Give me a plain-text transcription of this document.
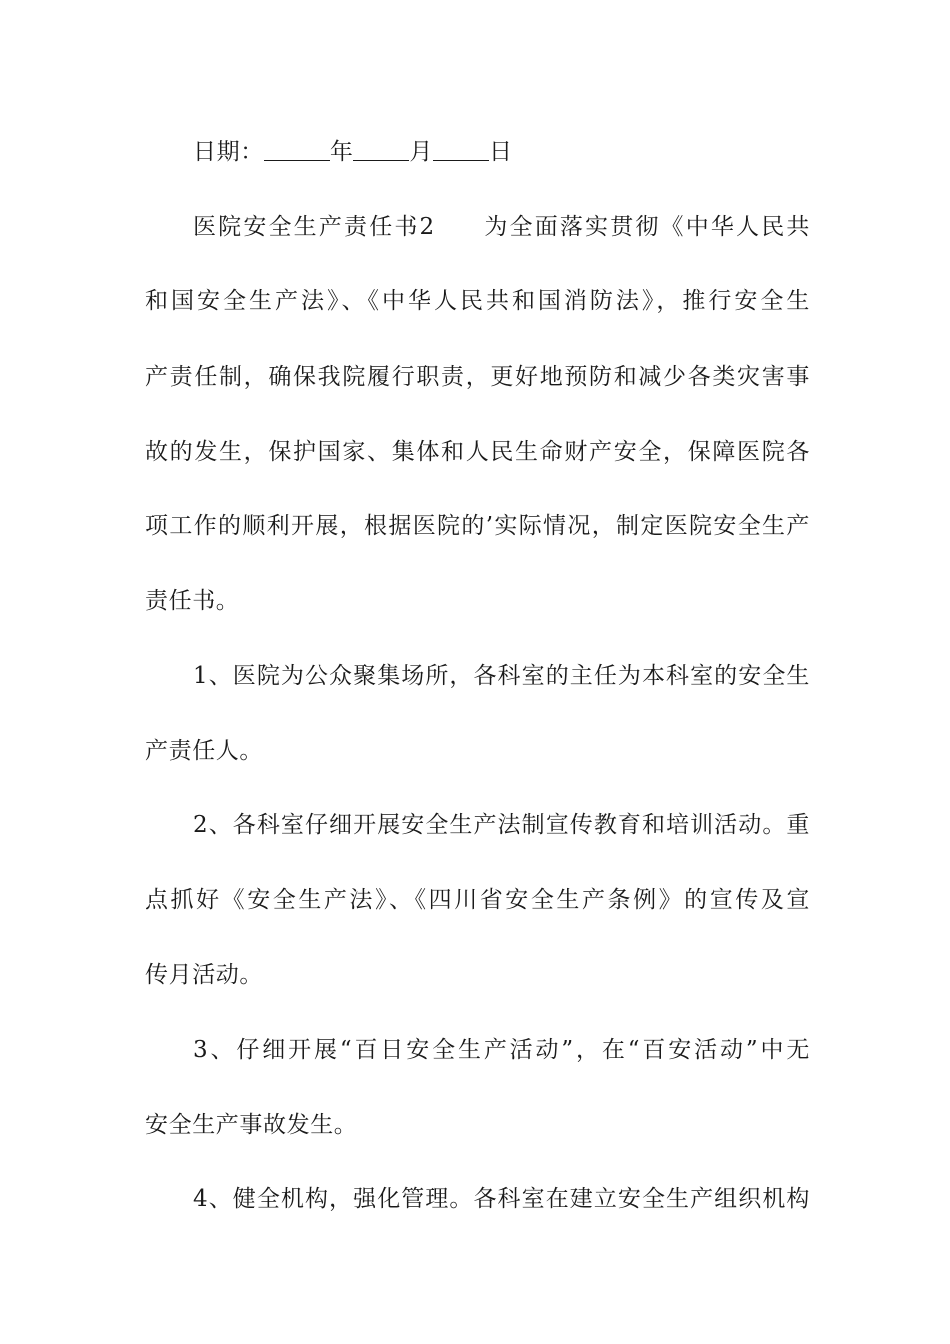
日期：	年 月 日
医院安全生产责任书2 为全面落实贯彻《中华人民共
和国安全生产法》、《中华人民共和国消防法》，推行安全生
产责任制，确保我院履行职责，更好地预防和减少各类灾害事
故的发生，保护国家、集体和人民生命财产安全，保障医院各
项工作的顺利开展，根据医院的’实际情况，制定医院安全生产
责任书。
1、医院为公众聚集场所，各科室的主任为本科室的安全生
产责任人。
2、各科室仔细开展安全生产法制宣传教育和培训活动。重
点抓好《安全生产法》、《四川省安全生产条例》的宣传及宣
传月活动。
3、仔细开展“百日安全生产活动”，在“百安活动”中无
安全生产事故发生。
4、健全机构，强化管理。各科室在建立安全生产组织机构
